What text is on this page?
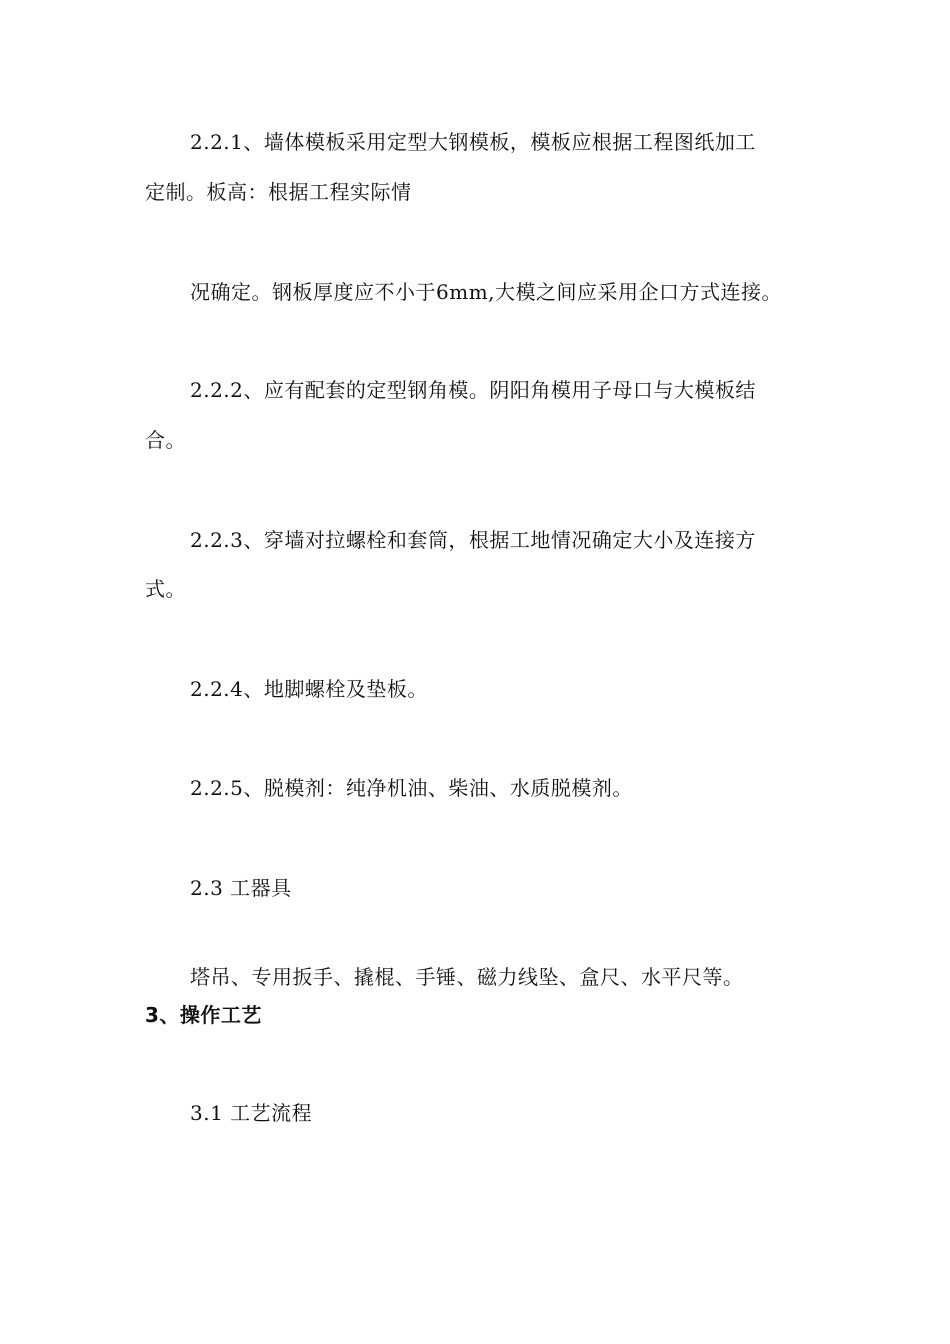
2.2.1、墙体模板采用定型大钢模板，模板应根据工程图纸加工
定制。板高：根据工程实际情
况确定。钢板厚度应不小于6mm,大模之间应采用企口方式连接。
2.2.2、应有配套的定型钢角模。阴阳角模用子母口与大模板结
合。
2.2.3、穿墙对拉螺栓和套筒，根据工地情况确定大小及连接方
式。
2.2.4、地脚螺栓及垫板。
2.2.5、脱模剂：纯净机油、柴油、水质脱模剂。
2.3 工器具
塔吊、专用扳手、撬棍、手锤、磁力线坠、盒尺、水平尺等。
3、操作工艺
3.1 工艺流程
